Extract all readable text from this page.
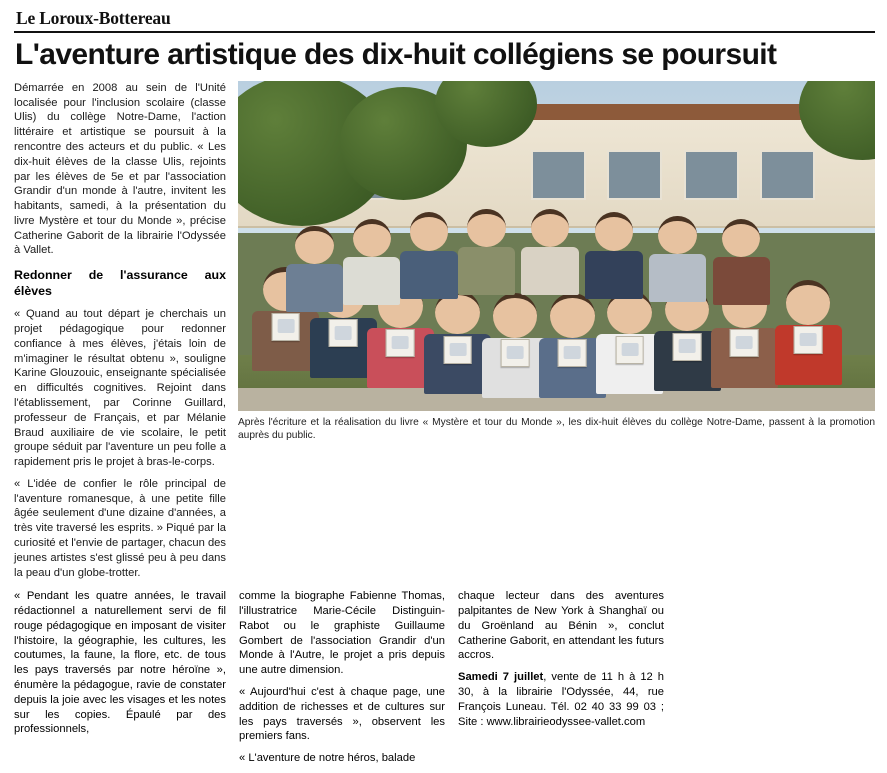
Le Loroux-Bottereau
L'aventure artistique des dix-huit collégiens se poursuit

Démarrée en 2008 au sein de l'Unité localisée pour l'inclusion scolaire (classe Ulis) du collège Notre-Dame, l'action littéraire et artistique se poursuit à la rencontre des acteurs et du public. « Les dix-huit élèves de la classe Ulis, rejoints par les élèves de 5e et par l'association Grandir d'un monde à l'autre, invitent les habitants, samedi, à la présentation du livre Mystère et tour du Monde », précise Catherine Gaborit de la librairie l'Odyssée à Vallet.

Redonner de l'assurance aux élèves

« Quand au tout départ je cherchais un projet pédagogique pour redonner confiance à mes élèves, j'étais loin de m'imaginer le résultat obtenu », souligne Karine Glouzouic, enseignante spécialisée en difficultés cognitives. Rejoint dans l'établissement, par Corinne Guillard, professeur de Français, et par Mélanie Braud auxiliaire de vie scolaire, le petit groupe séduit par l'aventure un peu folle a rapidement pris le projet à bras-le-corps.

« L'idée de confier le rôle principal de l'aventure romanesque, à une petite fille âgée seulement d'une dizaine d'années, a très vite traversé les esprits. » Piqué par la curiosité et l'envie de partager, chacun des jeunes artistes s'est glissé peu à peu dans la peau d'un globe-trotter.

Après l'écriture et la réalisation du livre « Mystère et tour du Monde », les dix-huit élèves du collège Notre-Dame, passent à la promotion auprès du public.

« Pendant les quatre années, le travail rédactionnel a naturellement servi de fil rouge pédagogique en imposant de visiter l'histoire, la géographie, les cultures, les coutumes, la faune, la flore, etc. de tous les pays traversés par notre héroïne », énumère la pédagogue, ravie de constater depuis la joie avec les visages et les notes sur les copies. Épaulé par des professionnels,

comme la biographe Fabienne Thomas, l'illustratrice Marie-Cécile Distinguin-Rabot ou le graphiste Guillaume Gombert de l'association Grandir d'un Monde à l'Autre, le projet a pris depuis une autre dimension.

« Aujourd'hui c'est à chaque page, une addition de richesses et de cultures sur les pays traversés », observent les premiers fans.

« L'aventure de notre héros, balade

chaque lecteur dans des aventures palpitantes de New York à Shanghaï ou du Groënland au Bénin », conclut Catherine Gaborit, en attendant les futurs accros.

Samedi 7 juillet, vente de 11 h à 12 h 30, à la librairie l'Odyssée, 44, rue François Luneau. Tél. 02 40 33 99 03 ; Site : www.librairieodyssee-vallet.com
